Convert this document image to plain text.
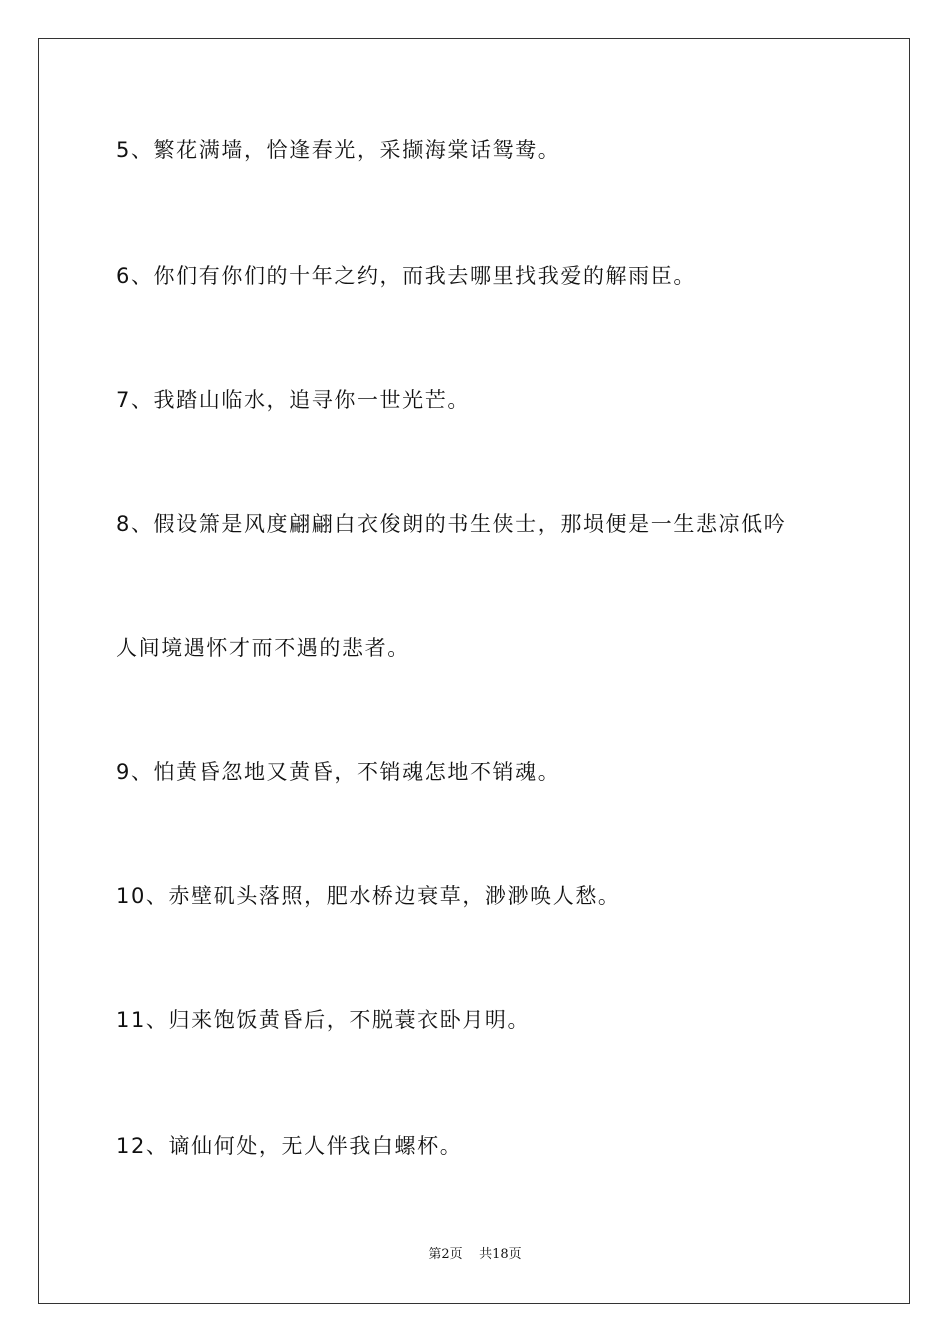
5、繁花满墙，恰逢春光，采撷海棠话鸳鸯。
6、你们有你们的十年之约，而我去哪里找我爱的解雨臣。
7、我踏山临水，追寻你一世光芒。
8、假设箫是风度翩翩白衣俊朗的书生侠士，那埙便是一生悲凉低吟
人间境遇怀才而不遇的悲者。
9、怕黄昏忽地又黄昏，不销魂怎地不销魂。
10、赤壁矶头落照，肥水桥边衰草，渺渺唤人愁。
11、归来饱饭黄昏后，不脱蓑衣卧月明。
12、谪仙何处，无人伴我白螺杯。
第2页 共18页
